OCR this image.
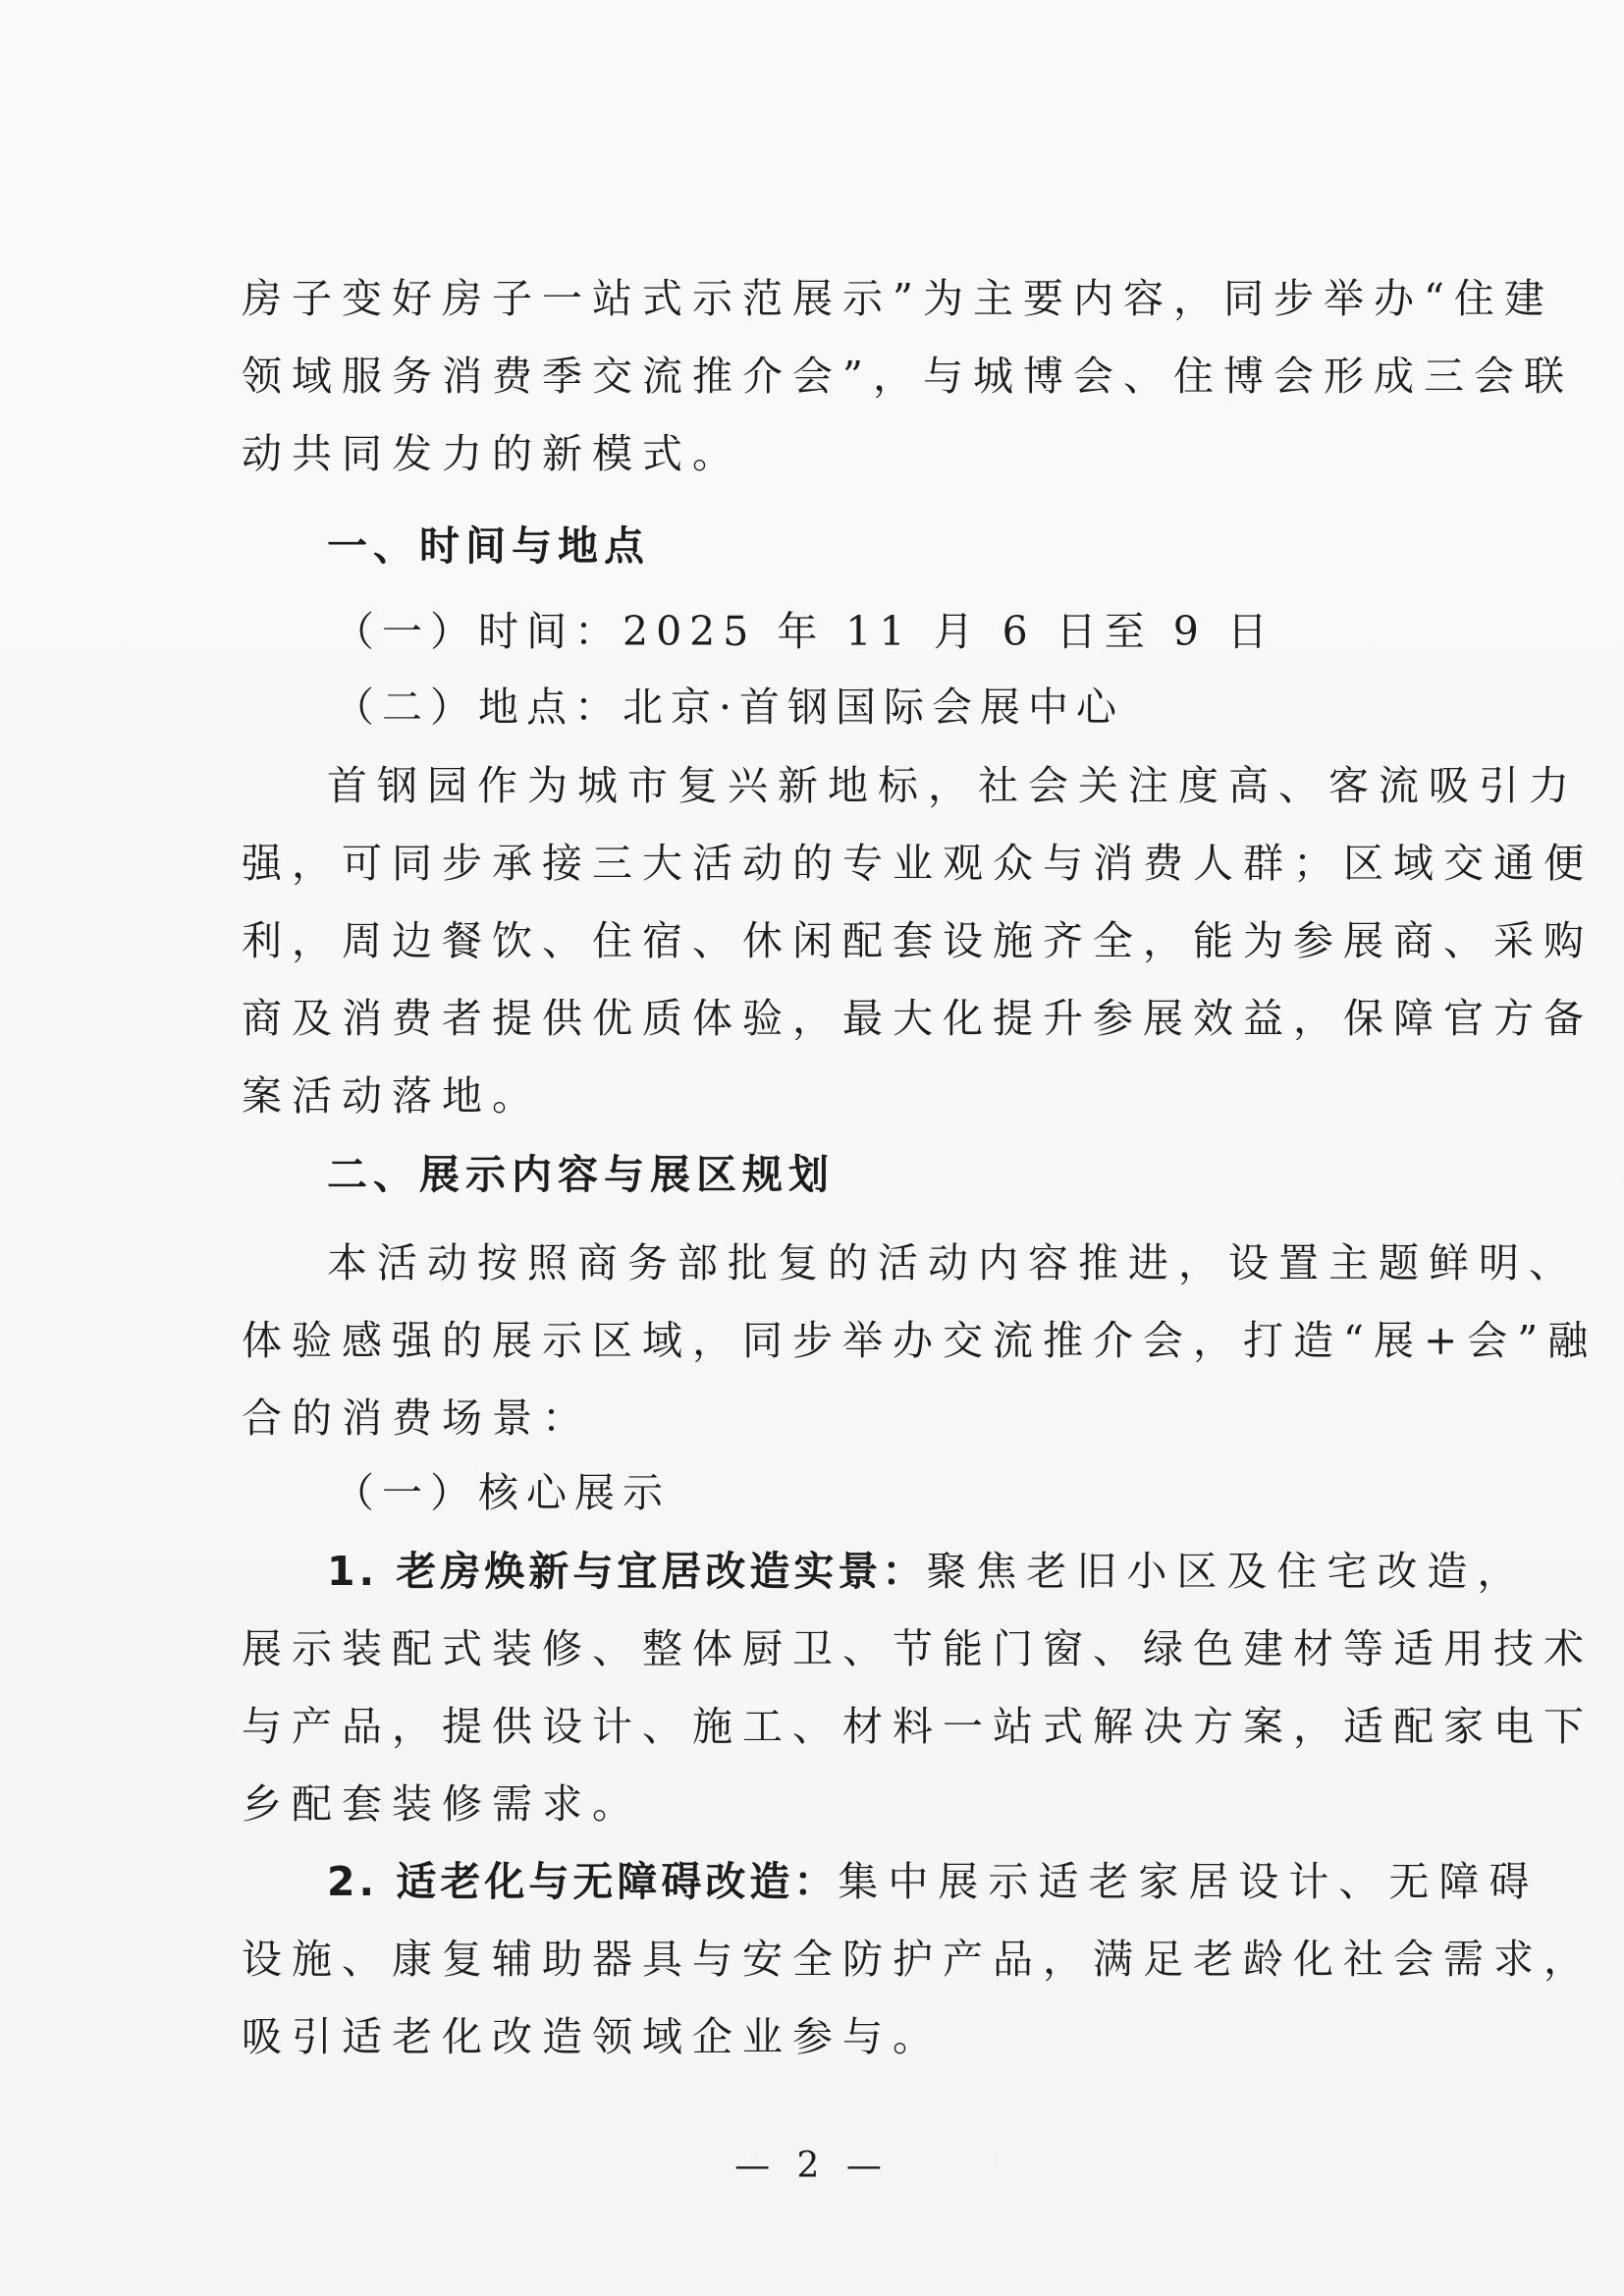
房子变好房子一站式示范展示”为主要内容，同步举办“住建
领域服务消费季交流推介会”，与城博会、住博会形成三会联
动共同发力的新模式。
一、时间与地点
（一）时间：2025 年 11 月 6 日至 9 日
（二）地点：北京·首钢国际会展中心
首钢园作为城市复兴新地标，社会关注度高、客流吸引力
强，可同步承接三大活动的专业观众与消费人群；区域交通便
利，周边餐饮、住宿、休闲配套设施齐全，能为参展商、采购
商及消费者提供优质体验，最大化提升参展效益，保障官方备
案活动落地。
二、展示内容与展区规划
本活动按照商务部批复的活动内容推进，设置主题鲜明、
体验感强的展示区域，同步举办交流推介会，打造“展+会”融
合的消费场景：
（一）核心展示
1. 老房焕新与宜居改造实景：聚焦老旧小区及住宅改造，
展示装配式装修、整体厨卫、节能门窗、绿色建材等适用技术
与产品，提供设计、施工、材料一站式解决方案，适配家电下
乡配套装修需求。
2. 适老化与无障碍改造：集中展示适老家居设计、无障碍
设施、康复辅助器具与安全防护产品，满足老龄化社会需求，
吸引适老化改造领域企业参与。
— 2 —
